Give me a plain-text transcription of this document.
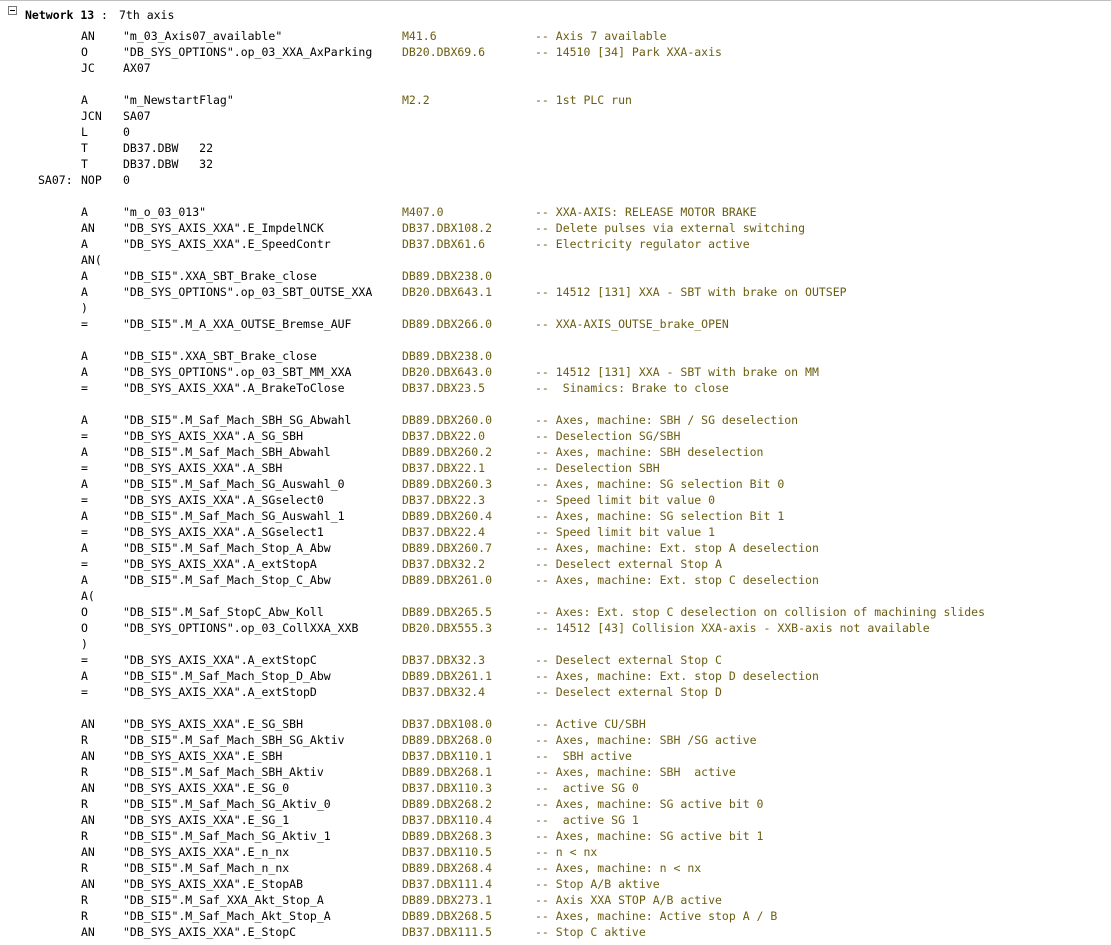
Network 13 : 7th axis
AN "m_03_Axis07_available"	M41.6	-- Axis 7 available
O	"DB_SYS_OPTIONS".op_03_XXA_AxParking	DB20.DBX69.6	-- 14510 [34] Park XXA-axis
JC AX07
A	"m_NewstartFlag"	M2.2	-- 1st PLC run
JCN SA07
L	0
T	DB37.DBW   22
T	DB37.DBW   32
SA07: NOP 0
A	"m_o_03_013"	M407.0	-- XXA-AXIS: RELEASE MOTOR BRAKE
AN "DB_SYS_AXIS_XXA".E_ImpdelNCK	DB37.DBX108.2	-- Delete pulses via external switching
A	"DB_SYS_AXIS_XXA".E_SpeedContr	DB37.DBX61.6	-- Electricity regulator active
AN(
A	"DB_SI5".XXA_SBT_Brake_close	DB89.DBX238.0
A	"DB_SYS_OPTIONS".op_03_SBT_OUTSE_XXA	DB20.DBX643.1	-- 14512 [131] XXA - SBT with brake on OUTSEP
)
=	"DB_SI5".M_A_XXA_OUTSE_Bremse_AUF	DB89.DBX266.0	-- XXA-AXIS_OUTSE_brake_OPEN
A	"DB_SI5".XXA_SBT_Brake_close	DB89.DBX238.0
A	"DB_SYS_OPTIONS".op_03_SBT_MM_XXA	DB20.DBX643.0	-- 14512 [131] XXA - SBT with brake on MM
=	"DB_SYS_AXIS_XXA".A_BrakeToClose	DB37.DBX23.5	--  Sinamics: Brake to close
A	"DB_SI5".M_Saf_Mach_SBH_SG_Abwahl	DB89.DBX260.0	-- Axes, machine: SBH / SG deselection
=	"DB_SYS_AXIS_XXA".A_SG_SBH	DB37.DBX22.0	-- Deselection SG/SBH
A	"DB_SI5".M_Saf_Mach_SBH_Abwahl	DB89.DBX260.2	-- Axes, machine: SBH deselection
=	"DB_SYS_AXIS_XXA".A_SBH	DB37.DBX22.1	-- Deselection SBH
A	"DB_SI5".M_Saf_Mach_SG_Auswahl_0	DB89.DBX260.3	-- Axes, machine: SG selection Bit 0
=	"DB_SYS_AXIS_XXA".A_SGselect0	DB37.DBX22.3	-- Speed limit bit value 0
A	"DB_SI5".M_Saf_Mach_SG_Auswahl_1	DB89.DBX260.4	-- Axes, machine: SG selection Bit 1
=	"DB_SYS_AXIS_XXA".A_SGselect1	DB37.DBX22.4	-- Speed limit bit value 1
A	"DB_SI5".M_Saf_Mach_Stop_A_Abw	DB89.DBX260.7	-- Axes, machine: Ext. stop A deselection
=	"DB_SYS_AXIS_XXA".A_extStopA	DB37.DBX32.2	-- Deselect external Stop A
A	"DB_SI5".M_Saf_Mach_Stop_C_Abw	DB89.DBX261.0	-- Axes, machine: Ext. stop C deselection
A(
O	"DB_SI5".M_Saf_StopC_Abw_Koll	DB89.DBX265.5	-- Axes: Ext. stop C deselection on collision of machining slides
O	"DB_SYS_OPTIONS".op_03_CollXXA_XXB	DB20.DBX555.3	-- 14512 [43] Collision XXA-axis - XXB-axis not available
)
=	"DB_SYS_AXIS_XXA".A_extStopC	DB37.DBX32.3	-- Deselect external Stop C
A	"DB_SI5".M_Saf_Mach_Stop_D_Abw	DB89.DBX261.1	-- Axes, machine: Ext. stop D deselection
=	"DB_SYS_AXIS_XXA".A_extStopD	DB37.DBX32.4	-- Deselect external Stop D
AN "DB_SYS_AXIS_XXA".E_SG_SBH	DB37.DBX108.0	-- Active CU/SBH
R	"DB_SI5".M_Saf_Mach_SBH_SG_Aktiv	DB89.DBX268.0	-- Axes, machine: SBH /SG active
AN "DB_SYS_AXIS_XXA".E_SBH	DB37.DBX110.1	--  SBH active
R	"DB_SI5".M_Saf_Mach_SBH_Aktiv	DB89.DBX268.1	-- Axes, machine: SBH  active
AN "DB_SYS_AXIS_XXA".E_SG_0	DB37.DBX110.3	--  active SG 0
R	"DB_SI5".M_Saf_Mach_SG_Aktiv_0	DB89.DBX268.2	-- Axes, machine: SG active bit 0
AN "DB_SYS_AXIS_XXA".E_SG_1	DB37.DBX110.4	--  active SG 1
R	"DB_SI5".M_Saf_Mach_SG_Aktiv_1	DB89.DBX268.3	-- Axes, machine: SG active bit 1
AN "DB_SYS_AXIS_XXA".E_n_nx	DB37.DBX110.5	-- n < nx
R	"DB_SI5".M_Saf_Mach_n_nx	DB89.DBX268.4	-- Axes, machine: n < nx
AN "DB_SYS_AXIS_XXA".E_StopAB	DB37.DBX111.4	-- Stop A/B aktive
R	"DB_SI5".M_Saf_XXA_Akt_Stop_A	DB89.DBX273.1	-- Axis XXA STOP A/B active
R	"DB_SI5".M_Saf_Mach_Akt_Stop_A	DB89.DBX268.5	-- Axes, machine: Active stop A / B
AN "DB_SYS_AXIS_XXA".E_StopC	DB37.DBX111.5	-- Stop C aktive
